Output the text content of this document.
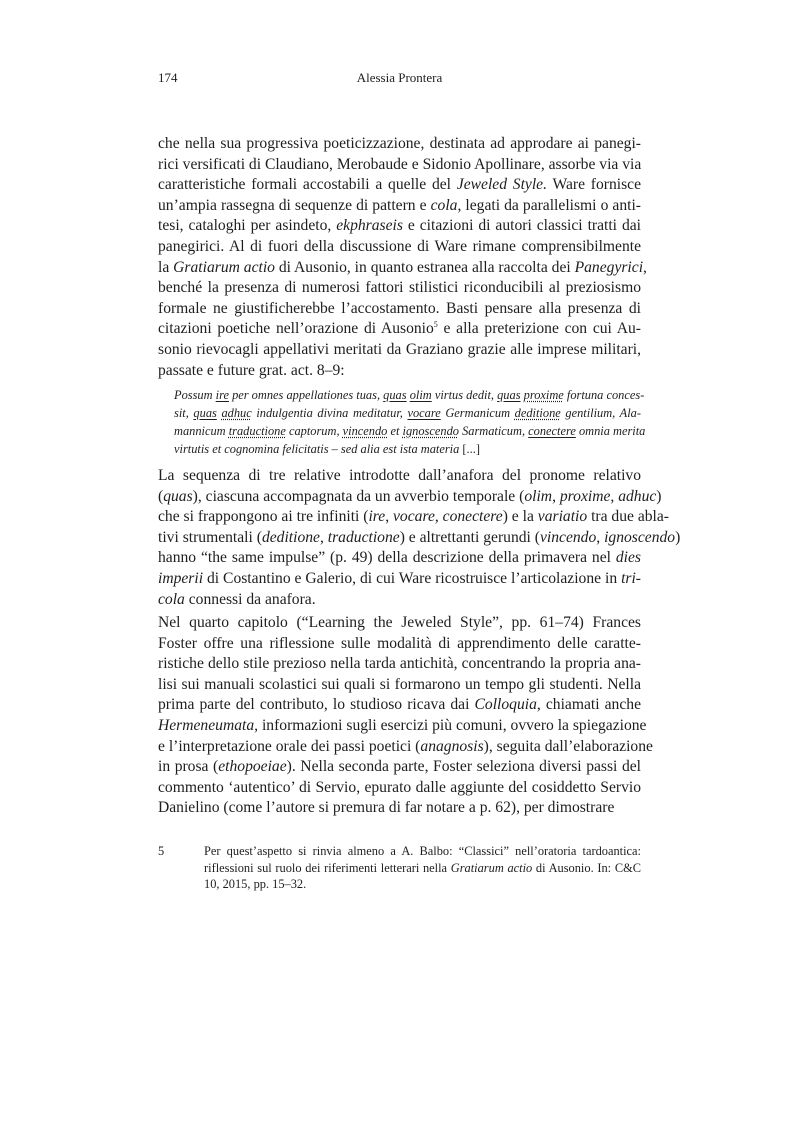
174	Alessia Prontera
che nella sua progressiva poeticizzazione, destinata ad approdare ai panegi-
rici versificati di Claudiano, Merobaude e Sidonio Apollinare, assorbe via via
caratteristiche formali accostabili a quelle del Jeweled Style. Ware fornisce
un’ampia rassegna di sequenze di pattern e cola, legati da parallelismi o anti-
tesi, cataloghi per asindeto, ekphraseis e citazioni di autori classici tratti dai
panegirici. Al di fuori della discussione di Ware rimane comprensibilmente
la Gratiarum actio di Ausonio, in quanto estranea alla raccolta dei Panegyrici,
benché la presenza di numerosi fattori stilistici riconducibili al preziosismo
formale ne giustificherebbe l’accostamento. Basti pensare alla presenza di
citazioni poetiche nell’orazione di Ausonio$^5$ e alla preterizione con cui Au-
sonio rievocagli appellativi meritati da Graziano grazie alle imprese militari,
passate e future grat. act. 8–9:
Possum ire per omnes appellationes tuas, quas olim virtus dedit, quas proxime fortuna conces-
sit, quas adhuc indulgentia divina meditatur, vocare Germanicum deditione gentilium, Ala-
mannicum traductione captorum, vincendo et ignoscendo Sarmaticum, conectere omnia merita
virtutis et cognomina felicitatis – sed alia est ista materia [...]
La sequenza di tre relative introdotte dall’anafora del pronome relativo
(quas), ciascuna accompagnata da un avverbio temporale (olim, proxime, adhuc)
che si frappongono ai tre infiniti (ire, vocare, conectere) e la variatio tra due abla-
tivi strumentali (deditione, traductione) e altrettanti gerundi (vincendo, ignoscendo)
hanno “the same impulse” (p. 49) della descrizione della primavera nel dies
imperii di Costantino e Galerio, di cui Ware ricostruisce l’articolazione in tri-
cola connessi da anafora.
Nel quarto capitolo (“Learning the Jeweled Style”, pp. 61–74) Frances
Foster offre una riflessione sulle modalità di apprendimento delle caratte-
ristiche dello stile prezioso nella tarda antichità, concentrando la propria ana-
lisi sui manuali scolastici sui quali si formarono un tempo gli studenti. Nella
prima parte del contributo, lo studioso ricava dai Colloquia, chiamati anche
Hermeneumata, informazioni sugli esercizi più comuni, ovvero la spiegazione
e l’interpretazione orale dei passi poetici (anagnosis), seguita dall’elaborazione
in prosa (ethopoeiae). Nella seconda parte, Foster seleziona diversi passi del
commento ‘autentico’ di Servio, epurato dalle aggiunte del cosiddetto Servio
Danielino (come l’autore si premura di far notare a p. 62), per dimostrare
5	Per quest’aspetto si rinvia almeno a A. Balbo: “Classici” nell’oratoria tardoantica:
riflessioni sul ruolo dei riferimenti letterari nella Gratiarum actio di Ausonio. In: C&C
10, 2015, pp. 15–32.
